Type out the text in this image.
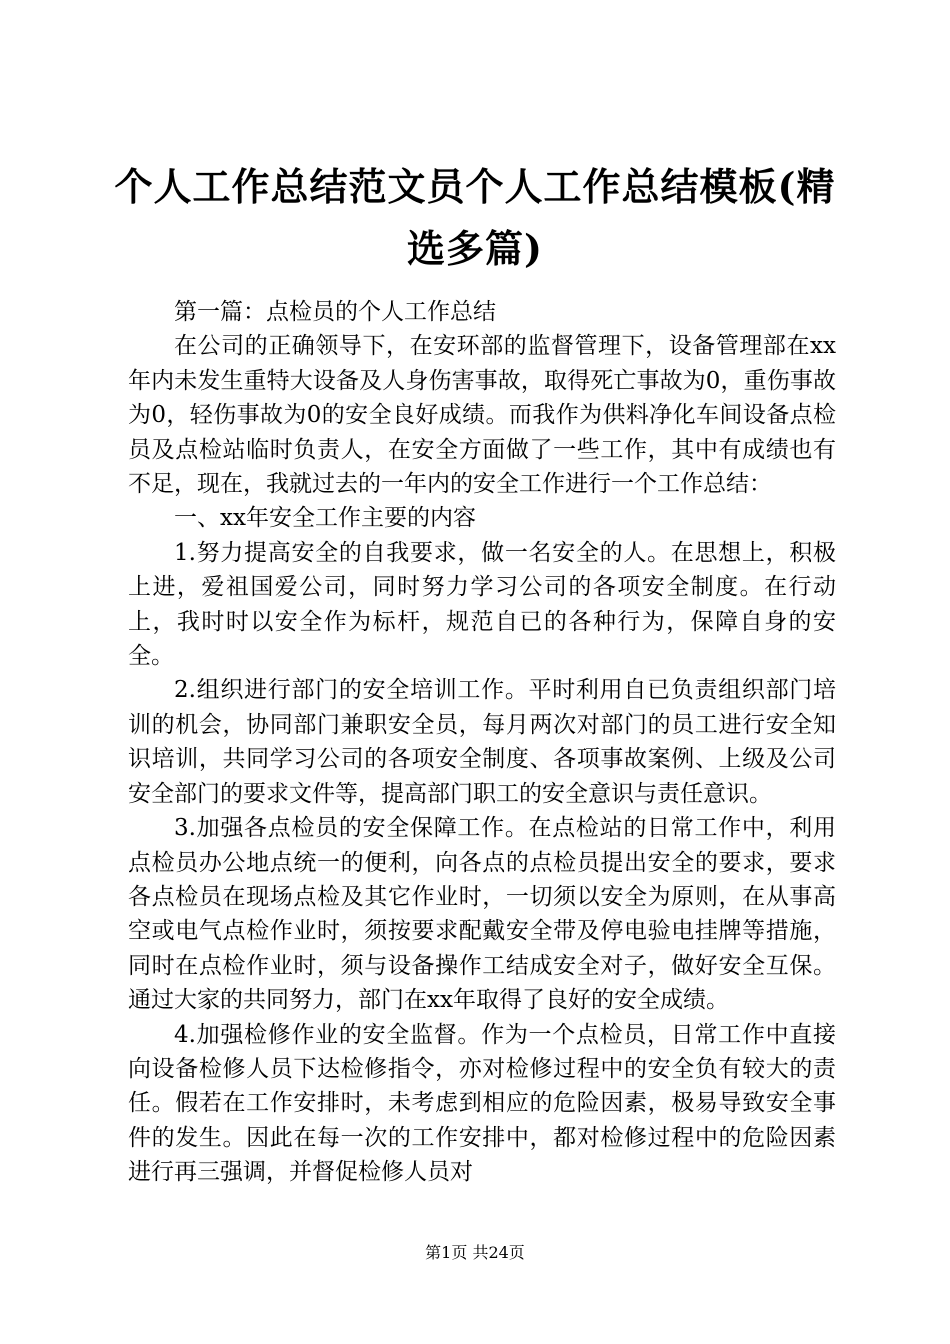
个人工作总结范文员个人工作总结模板(精选多篇)

第一篇：点检员的个人工作总结

在公司的正确领导下，在安环部的监督管理下，设备管理部在xx年内未发生重特大设备及人身伤害事故，取得死亡事故为0，重伤事故为0，轻伤事故为0的安全良好成绩。而我作为供料净化车间设备点检员及点检站临时负责人，在安全方面做了一些工作，其中有成绩也有不足，现在，我就过去的一年内的安全工作进行一个工作总结：

一、xx年安全工作主要的内容

1.努力提高安全的自我要求，做一名安全的人。在思想上，积极上进，爱祖国爱公司，同时努力学习公司的各项安全制度。在行动上，我时时以安全作为标杆，规范自已的各种行为，保障自身的安全。

2.组织进行部门的安全培训工作。平时利用自已负责组织部门培训的机会，协同部门兼职安全员，每月两次对部门的员工进行安全知识培训，共同学习公司的各项安全制度、各项事故案例、上级及公司安全部门的要求文件等，提高部门职工的安全意识与责任意识。

3.加强各点检员的安全保障工作。在点检站的日常工作中，利用点检员办公地点统一的便利，向各点的点检员提出安全的要求，要求各点检员在现场点检及其它作业时，一切须以安全为原则，在从事高空或电气点检作业时，须按要求配戴安全带及停电验电挂牌等措施，同时在点检作业时，须与设备操作工结成安全对子，做好安全互保。通过大家的共同努力，部门在xx年取得了良好的安全成绩。

4.加强检修作业的安全监督。作为一个点检员，日常工作中直接向设备检修人员下达检修指令，亦对检修过程中的安全负有较大的责任。假若在工作安排时，未考虑到相应的危险因素，极易导致安全事件的发生。因此在每一次的工作安排中，都对检修过程中的危险因素进行再三强调，并督促检修人员对

第1页 共24页
